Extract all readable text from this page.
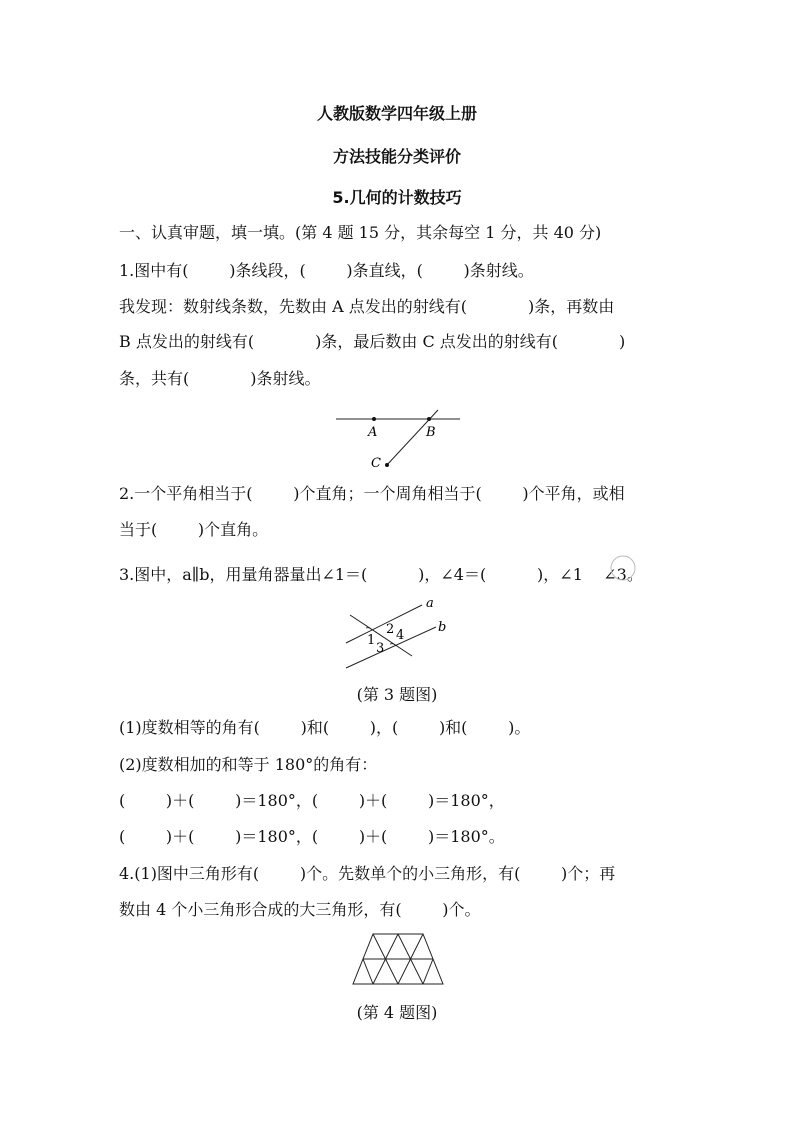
人教版数学四年级上册
方法技能分类评价
5.几何的计数技巧
一、认真审题，填一填。(第 4 题 15 分，其余每空 1 分，共 40 分)
1.图中有(        )条线段，(        )条直线，(        )条射线。
我发现：数射线条数，先数由 A 点发出的射线有(            )条，再数由
B 点发出的射线有(            )条，最后数由 C 点发出的射线有(            )
条，共有(            )条射线。
A	B
C
2.一个平角相当于(        )个直角；一个周角相当于(        )个平角，或相
当于(        )个直角。
3.图中，a∥b，用量角器量出∠1＝(          )，∠4＝(          )，∠1    ∠3。
a
b
2
1
3
4
(第 3 题图)
(1)度数相等的角有(        )和(        )，(        )和(        )。
(2)度数相加的和等于 180°的角有：
(        )＋(        )＝180°，(        )＋(        )＝180°，
(        )＋(        )＝180°，(        )＋(        )＝180°。
4.(1)图中三角形有(        )个。先数单个的小三角形，有(        )个；再
数由 4 个小三角形合成的大三角形，有(        )个。
(第 4 题图)
